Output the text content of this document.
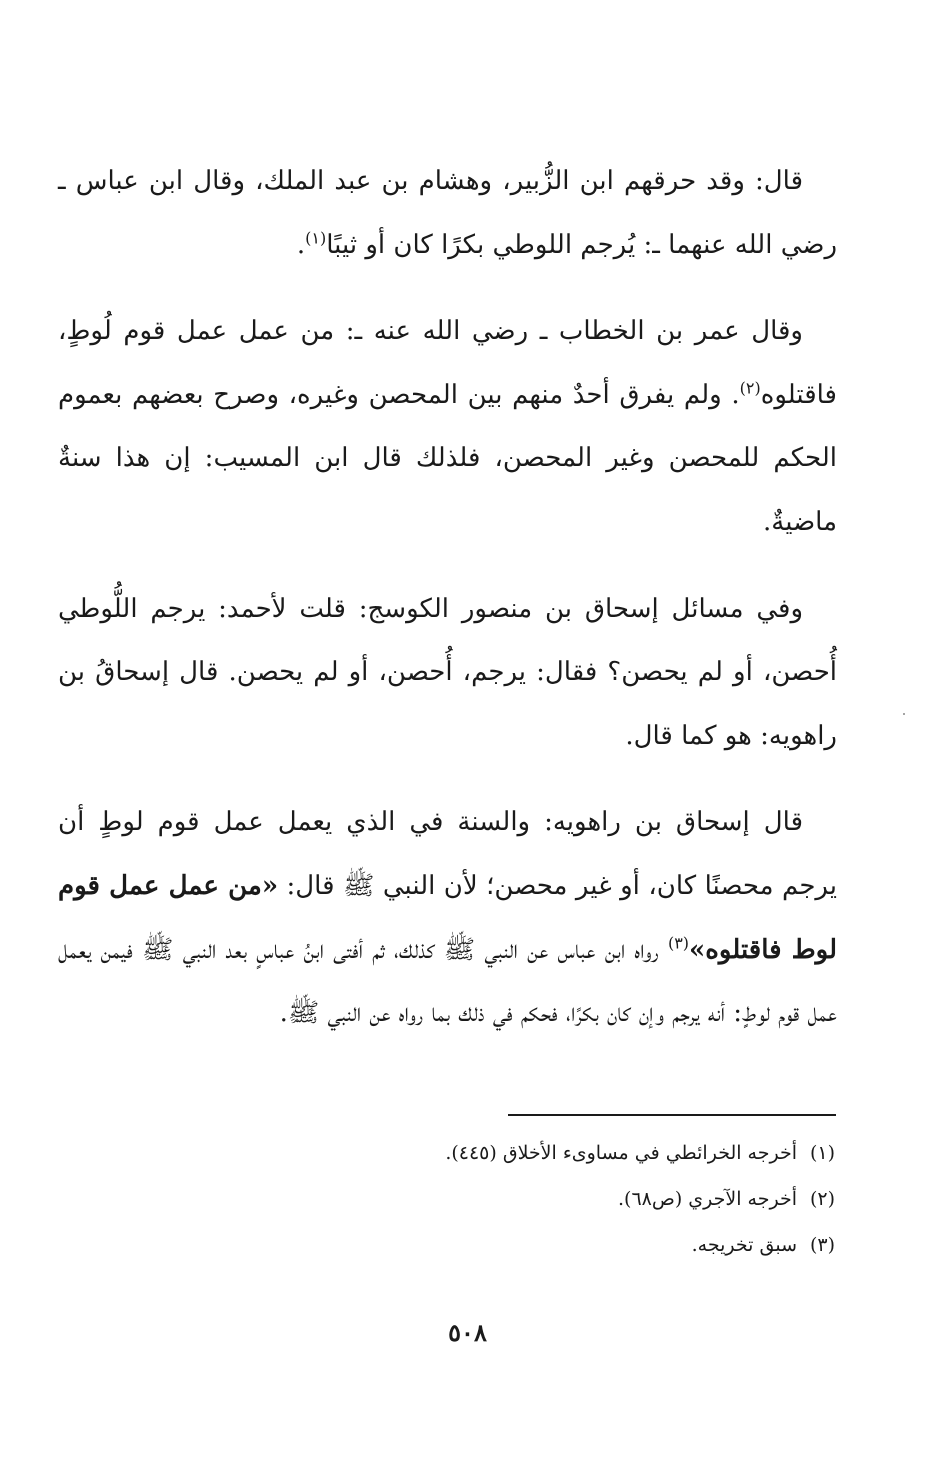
قال: وقد حرقهم ابن الزُّبير، وهشام بن عبد الملك، وقال ابن عباس ـ رضي الله عنهما ـ: يُرجم اللوطي بكرًا كان أو ثيبًا$^{(١)}$.

وقال عمر بن الخطاب ـ رضي الله عنه ـ: من عمل عمل قوم لُوطٍ، فاقتلوه$^{(٢)}$. ولم يفرق أحدٌ منهم بين المحصن وغيره، وصرح بعضهم بعموم الحكم للمحصن وغير المحصن، فلذلك قال ابن المسيب: إن هذا سنةٌ ماضيةٌ.

وفي مسائل إسحاق بن منصور الكوسج: قلت لأحمد: يرجم اللُّوطي أُحصن، أو لم يحصن؟ فقال: يرجم، أُحصن، أو لم يحصن. قال إسحاقُ بن راهويه: هو كما قال.

قال إسحاق بن راهويه: والسنة في الذي يعمل عمل قوم لوطٍ أن يرجم محصنًا كان، أو غير محصن؛ لأن النبي ﷺ قال: «من عمل عمل قوم لوط فاقتلوه»$^{(٣)}$ رواه ابن عباس عن النبي ﷺ كذلك، ثم أفتى ابنُ عباسٍ بعد النبي ﷺ فيمن يعمل عمل قوم لوطٍ: أنه يرجم وإن كان بكرًا، فحكم في ذلك بما رواه عن النبي ﷺ.

(١)
أخرجه الخرائطي في مساوىء الأخلاق (٤٤٥).
(٢)
أخرجه الآجري (ص٦٨).
(٣)
سبق تخريجه.
٥٠٨
